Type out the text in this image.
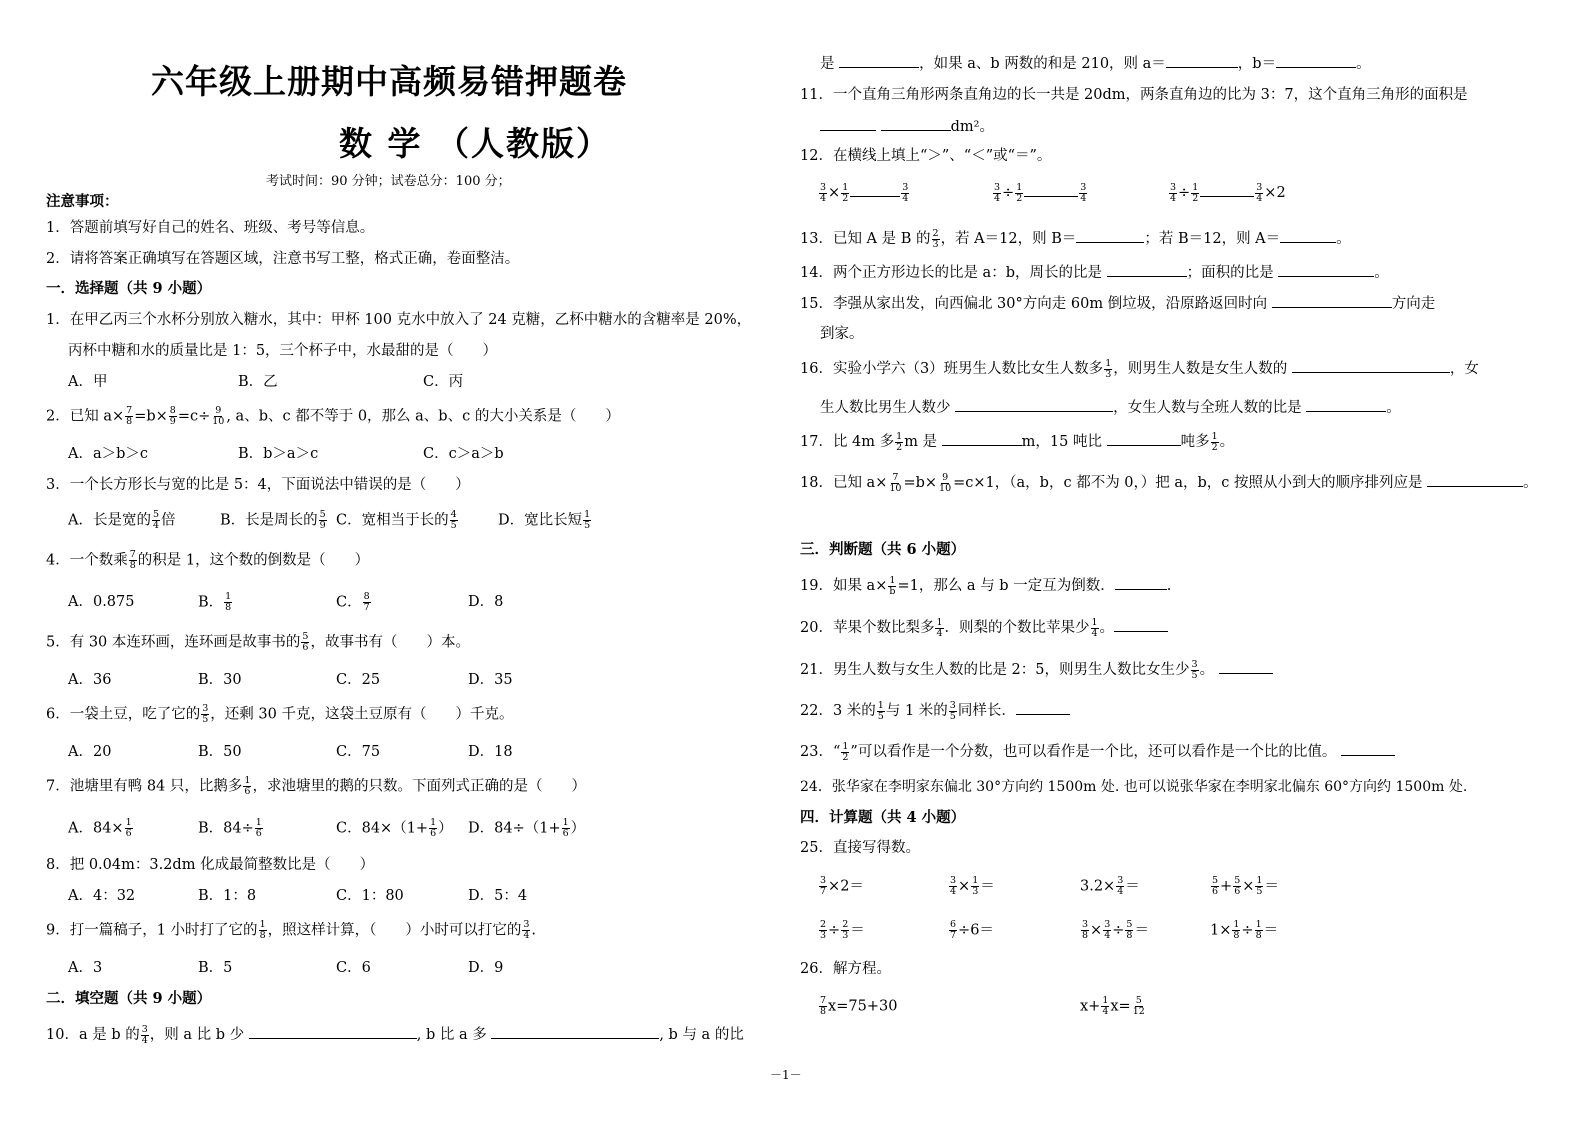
六年级上册期中高频易错押题卷
数 学 （人教版）
考试时间：90 分钟；试卷总分：100 分；
注意事项：
1．答题前填写好自己的姓名、班级、考号等信息。
2．请将答案正确填写在答题区域，注意书写工整，格式正确，卷面整洁。
一．选择题（共 9 小题）
1．在甲乙丙三个水杯分别放入糖水，其中：甲杯 100 克水中放入了 24 克糖，乙杯中糖水的含糖率是 20%，
丙杯中糖和水的质量比是 1：5，三个杯子中，水最甜的是（　　）
A．甲	B．乙	C．丙
2．已知 $a\times \frac{7}{8} =b\times \frac{8}{9} =c\div \frac{9}{10}$ , a、b、c 都不等于 0，那么 a、b、c 的大小关系是（　　）
A．a＞b＞c	B．b＞a＞c	C．c＞a＞b
3．一个长方形长与宽的比是 5：4，下面说法中错误的是（　　）
A．长是宽的 $\frac{5}{4}$ 倍	B．长是周长的 $\frac{5}{9}$ C．宽相当于长的 $\frac{4}{5}$	D．宽比长短 $\frac{1}{5}$
4．一个数乘 $\frac{7}{8}$ 的积是 1，这个数的倒数是（　　）
A．0.875	B． $\frac{1}{8}$	C． $\frac{8}{7}$	D．8
5．有 30 本连环画，连环画是故事书的 $\frac{5}{6}$ ，故事书有（　　）本。
A．36	B．30	C．25	D．35
6．一袋土豆，吃了它的 $\frac{3}{5}$ ，还剩 30 千克，这袋土豆原有（　　）千克。
A．20	B．50	C．75	D．18
7．池塘里有鸭 84 只，比鹅多 $\frac{1}{6}$ ，求池塘里的鹅的只数。下面列式正确的是（　　）
A．$84\times \frac{1}{6}$	B．$84\div \frac{1}{6}$	C．$84\times(1+ \frac{1}{6}$ ） D．$84\div(1+ \frac{1}{6}$ ）
8．把 0.04m：3.2dm 化成最简整数比是（　　）
A．4：32	B．1：8	C．1：80	D．5：4
9．打一篇稿子，1 小时打了它的 $\frac{1}{8}$ ，照这样计算，（　　）小时可以打它的 $\frac{3}{4}$ .
A．3	B．5	C．6	D．9
二．填空题（共 9 小题）
10．a 是 b 的 $\frac{3}{4}$ ，则 a 比 b 少	, b 比 a 多	, b 与 a 的比
是	，如果 a、b 两数的和是 210，则 a＝	，b＝	。
11．一个直角三角形两条直角边的长一共是 20dm，两条直角边的比为 3：7，这个直角三角形的面积是
dm²。
12．在横线上填上“＞”、“＜”或“＝”。
$\frac{3}{4} \times \frac{1}{2}$	$\frac{3}{4}$	$\frac{3}{4} \div \frac{1}{2}$	$\frac{3}{4}$	$\frac{3}{4} \div \frac{1}{2}$	$\frac{3}{4} \times 2$
13．已知 A 是 B 的 $\frac{2}{3}$ ，若 A＝12，则 B＝	；若 B＝12，则 A＝	。
14．两个正方形边长的比是 a：b，周长的比是	；面积的比是	。
15．李强从家出发，向西偏北 30°方向走 60m 倒垃圾，沿原路返回时向	方向走
到家。
16．实验小学六（3）班男生人数比女生人数多 $\frac{1}{3}$ ，则男生人数是女生人数的	，女
生人数比男生人数少	，女生人数与全班人数的比是	。
17．比 4m 多 $\frac{1}{2}$ m 是	m，15 吨比	吨多 $\frac{1}{2}$ 。
18．已知 $a\times \frac{7}{10} =b\times \frac{9}{10} =c\times 1$，（a，b，c 都不为 0，）把 a，b，c 按照从小到大的顺序排列应是	。
三．判断题（共 6 小题）
19．如果 $a\times \frac{1}{b} =1$，那么 a 与 b 一定互为倒数．	.
20．苹果个数比梨多 $\frac{1}{4}$ ．则梨的个数比苹果少 $\frac{1}{4}$ 。
21．男生人数与女生人数的比是 2：5，则男生人数比女生少 $\frac{3}{5}$ 。
22．3 米的 $\frac{1}{5}$ 与 1 米的 $\frac{3}{5}$ 同样长．
23．“ $\frac{1}{2}$ ”可以看作是一个分数，也可以看作是一个比，还可以看作是一个比的比值。
24．张华家在李明家东偏北 30°方向约 1500m 处. 也可以说张华家在李明家北偏东 60°方向约 1500m 处.
四．计算题（共 4 小题）
25．直接写得数。
$\frac{3}{7} \times 2=$	$\frac{3}{4} \times \frac{1}{3}$ ＝	$3.2\times \frac{3}{4}$ ＝	$\frac{5}{6} + \frac{5}{6} \times \frac{1}{5}$ ＝
$\frac{2}{3} \div \frac{2}{3}$ ＝	$\frac{6}{7} \div 6=$	$\frac{3}{8} \times \frac{3}{4} \div \frac{5}{8}$ ＝	$1\times \frac{1}{8} \div \frac{1}{8}$ ＝
26．解方程。
$\frac{7}{8} x=75+30$	$x+ \frac{1}{4} x= \frac{5}{12}$
－1－
